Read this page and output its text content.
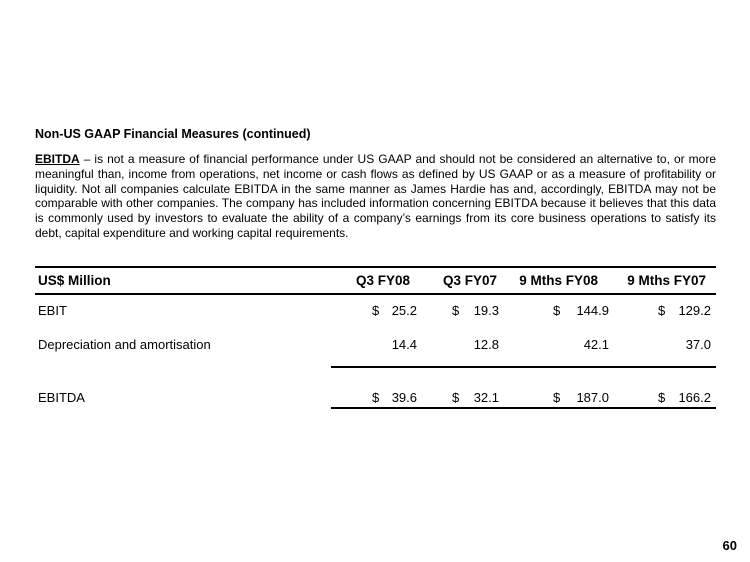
Non-US GAAP Financial Measures (continued)
EBITDA – is not a measure of financial performance under US GAAP and should not be considered an alternative to, or more meaningful than, income from operations, net income or cash flows as defined by US GAAP or as a measure of profitability or liquidity. Not all companies calculate EBITDA in the same manner as James Hardie has and, accordingly, EBITDA may not be comparable with other companies. The company has included information concerning EBITDA because it believes that this data is commonly used by investors to evaluate the ability of a company’s earnings from its core business operations to satisfy its debt, capital expenditure and working capital requirements.
US$ Million	Q3 FY08	Q3 FY07	9 Mths FY08	9 Mths FY07
EBIT	$ 25.2	$ 19.3	$ 144.9	$ 129.2
Depreciation and amortisation	14.4	12.8	42.1	37.0
EBITDA	$ 39.6	$ 32.1	$ 187.0	$ 166.2
60
